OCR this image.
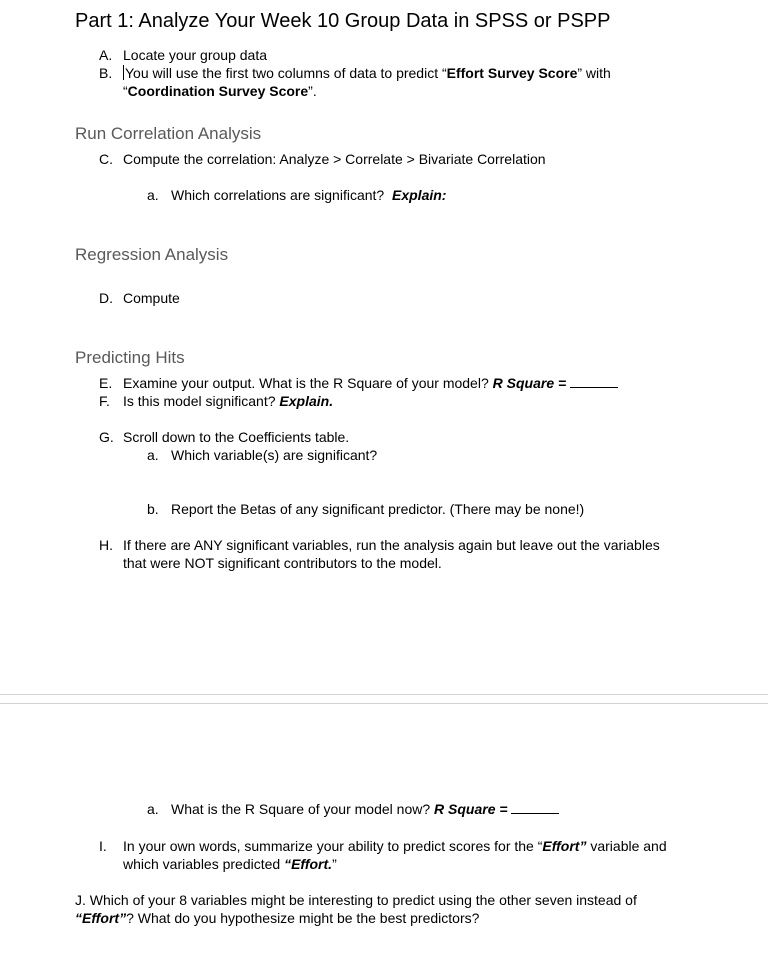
Part 1: Analyze Your Week 10 Group Data in SPSS or PSPP
A. Locate your group data
B. You will use the first two columns of data to predict “Effort Survey Score” with
“Coordination Survey Score”.
Run Correlation Analysis
C. Compute the correlation: Analyze > Correlate > Bivariate Correlation
a. Which correlations are significant? Explain:
Regression Analysis
D. Compute
Predicting Hits
E. Examine your output. What is the R Square of your model? R Square =
F. Is this model significant? Explain.
G. Scroll down to the Coefficients table.
a. Which variable(s) are significant?
b. Report the Betas of any significant predictor. (There may be none!)
H. If there are ANY significant variables, run the analysis again but leave out the variables
that were NOT significant contributors to the model.
a. What is the R Square of your model now? R Square =
I. In your own words, summarize your ability to predict scores for the “Effort” variable and
which variables predicted “Effort.”
J. Which of your 8 variables might be interesting to predict using the other seven instead of
“Effort”? What do you hypothesize might be the best predictors?
